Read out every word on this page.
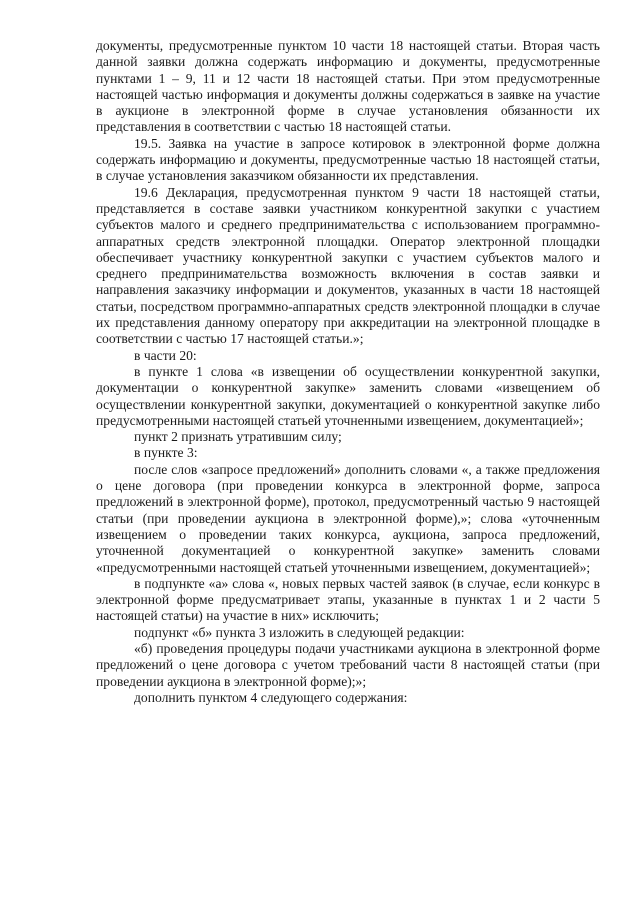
документы, предусмотренные пунктом 10 части 18 настоящей статьи. Вторая часть данной заявки должна содержать информацию и документы, предусмотренные пунктами 1 – 9, 11 и 12 части 18 настоящей статьи. При этом предусмотренные настоящей частью информация и документы должны содержаться в заявке на участие в аукционе в электронной форме в случае установления обязанности их представления в соответствии с частью 18 настоящей статьи.

19.5. Заявка на участие в запросе котировок в электронной форме должна содержать информацию и документы, предусмотренные частью 18 настоящей статьи, в случае установления заказчиком обязанности их представления.

19.6 Декларация, предусмотренная пунктом 9 части 18 настоящей статьи, представляется в составе заявки участником конкурентной закупки с участием субъектов малого и среднего предпринимательства с использованием программно-аппаратных средств электронной площадки. Оператор электронной площадки обеспечивает участнику конкурентной закупки с участием субъектов малого и среднего предпринимательства возможность включения в состав заявки и направления заказчику информации и документов, указанных в части 18 настоящей статьи, посредством программно-аппаратных средств электронной площадки в случае их представления данному оператору при аккредитации на электронной площадке в соответствии с частью 17 настоящей статьи.»;

в части 20:

в пункте 1 слова «в извещении об осуществлении конкурентной закупки, документации о конкурентной закупке» заменить словами «извещением об осуществлении конкурентной закупки, документацией о конкурентной закупке либо предусмотренными настоящей статьей уточненными извещением, документацией»;

пункт 2 признать утратившим силу;

в пункте 3:

после слов «запросе предложений» дополнить словами «, а также предложения о цене договора (при проведении конкурса в электронной форме, запроса предложений в электронной форме), протокол, предусмотренный частью 9 настоящей статьи (при проведении аукциона в электронной форме),»; слова «уточненным извещением о проведении таких конкурса, аукциона, запроса предложений, уточненной документацией о конкурентной закупке» заменить словами «предусмотренными настоящей статьей уточненными извещением, документацией»;

в подпункте «а» слова «, новых первых частей заявок (в случае, если конкурс в электронной форме предусматривает этапы, указанные в пунктах 1 и 2 части 5 настоящей статьи) на участие в них» исключить;

подпункт «б» пункта 3 изложить в следующей редакции:

«б) проведения процедуры подачи участниками аукциона в электронной форме предложений о цене договора с учетом требований части 8 настоящей статьи (при проведении аукциона в электронной форме);»;

дополнить пунктом 4 следующего содержания:
